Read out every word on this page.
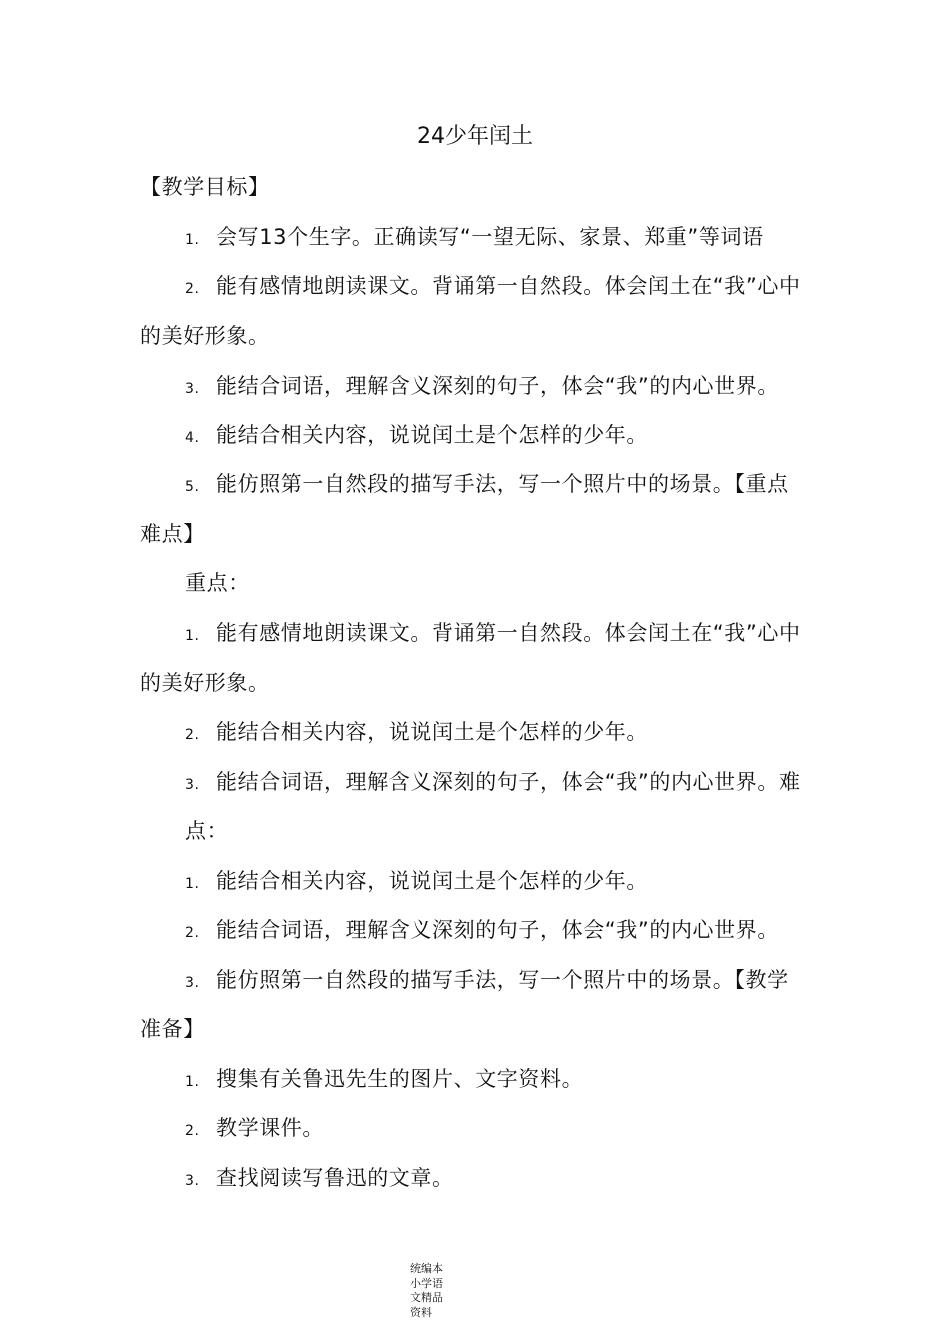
24少年闰土
【教学目标】
1. 会写13个生字。正确读写“一望无际、家景、郑重”等词语
2. 能有感情地朗读课文。背诵第一自然段。体会闰土在“我”心中
的美好形象。
3. 能结合词语，理解含义深刻的句子，体会“我”的内心世界。
4. 能结合相关内容，说说闰土是个怎样的少年。
5. 能仿照第一自然段的描写手法，写一个照片中的场景。【重点
难点】
重点：
1. 能有感情地朗读课文。背诵第一自然段。体会闰土在“我”心中
的美好形象。
2. 能结合相关内容，说说闰土是个怎样的少年。
3. 能结合词语，理解含义深刻的句子，体会“我”的内心世界。难
点：
1. 能结合相关内容，说说闰土是个怎样的少年。
2. 能结合词语，理解含义深刻的句子，体会“我”的内心世界。
3. 能仿照第一自然段的描写手法，写一个照片中的场景。【教学
准备】
1. 搜集有关鲁迅先生的图片、文字资料。
2. 教学课件。
3. 查找阅读写鲁迅的文章。
统编本
小学语
文精品
资料
